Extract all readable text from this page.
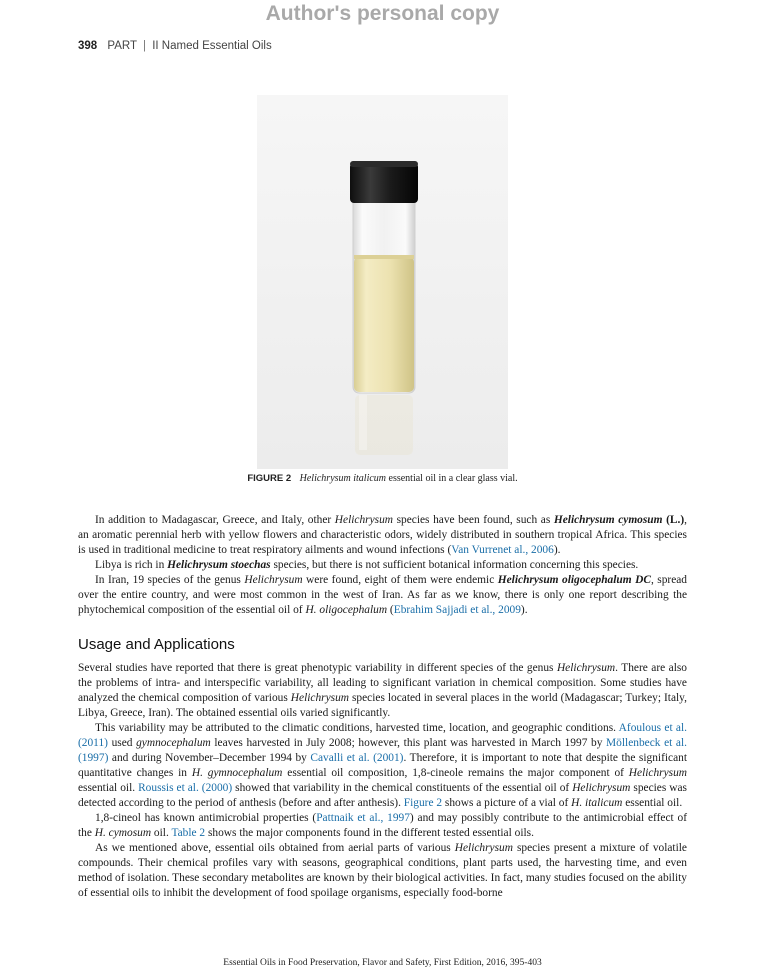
Author's personal copy
398 PART | II Named Essential Oils
FIGURE 2 Helichrysum italicum essential oil in a clear glass vial.

In addition to Madagascar, Greece, and Italy, other Helichrysum species have been found, such as Helichrysum cymosum (L.), an aromatic perennial herb with yellow flowers and characteristic odors, widely distributed in southern tropical Africa. This species is used in traditional medicine to treat respiratory ailments and wound infections (Van Vurrenet al., 2006).

Libya is rich in Helichrysum stoechas species, but there is not sufficient botanical information concerning this species.

In Iran, 19 species of the genus Helichrysum were found, eight of them were endemic Helichrysum oligocephalum DC, spread over the entire country, and were most common in the west of Iran. As far as we know, there is only one report describing the phytochemical composition of the essential oil of H. oligocephalum (Ebrahim Sajjadi et al., 2009).

Usage and Applications

Several studies have reported that there is great phenotypic variability in different species of the genus Helichrysum. There are also the problems of intra- and interspecific variability, all leading to significant variation in chemical composition. Some studies have analyzed the chemical composition of various Helichrysum species located in several places in the world (Madagascar; Turkey; Italy, Libya, Greece, Iran). The obtained essential oils varied significantly.

This variability may be attributed to the climatic conditions, harvested time, location, and geographic conditions. Afoulous et al. (2011) used gymnocephalum leaves harvested in July 2008; however, this plant was harvested in March 1997 by Möllenbeck et al. (1997) and during November–December 1994 by Cavalli et al. (2001). Therefore, it is important to note that despite the significant quantitative changes in H. gymnocephalum essential oil composition, 1,8-cineole remains the major component of Helichrysum essential oil. Roussis et al. (2000) showed that variability in the chemical constituents of the essential oil of Helichrysum species was detected according to the period of anthesis (before and after anthesis). Figure 2 shows a picture of a vial of H. italicum essential oil.

1,8-cineol has known antimicrobial properties (Pattnaik et al., 1997) and may possibly contribute to the antimicrobial effect of the H. cymosum oil. Table 2 shows the major components found in the different tested essential oils.

As we mentioned above, essential oils obtained from aerial parts of various Helichrysum species present a mixture of volatile compounds. Their chemical profiles vary with seasons, geographical conditions, plant parts used, the harvesting time, and even method of isolation. These secondary metabolites are known by their biological activities. In fact, many studies focused on the ability of essential oils to inhibit the development of food spoilage organisms, especially food-borne

Essential Oils in Food Preservation, Flavor and Safety, First Edition, 2016, 395-403
